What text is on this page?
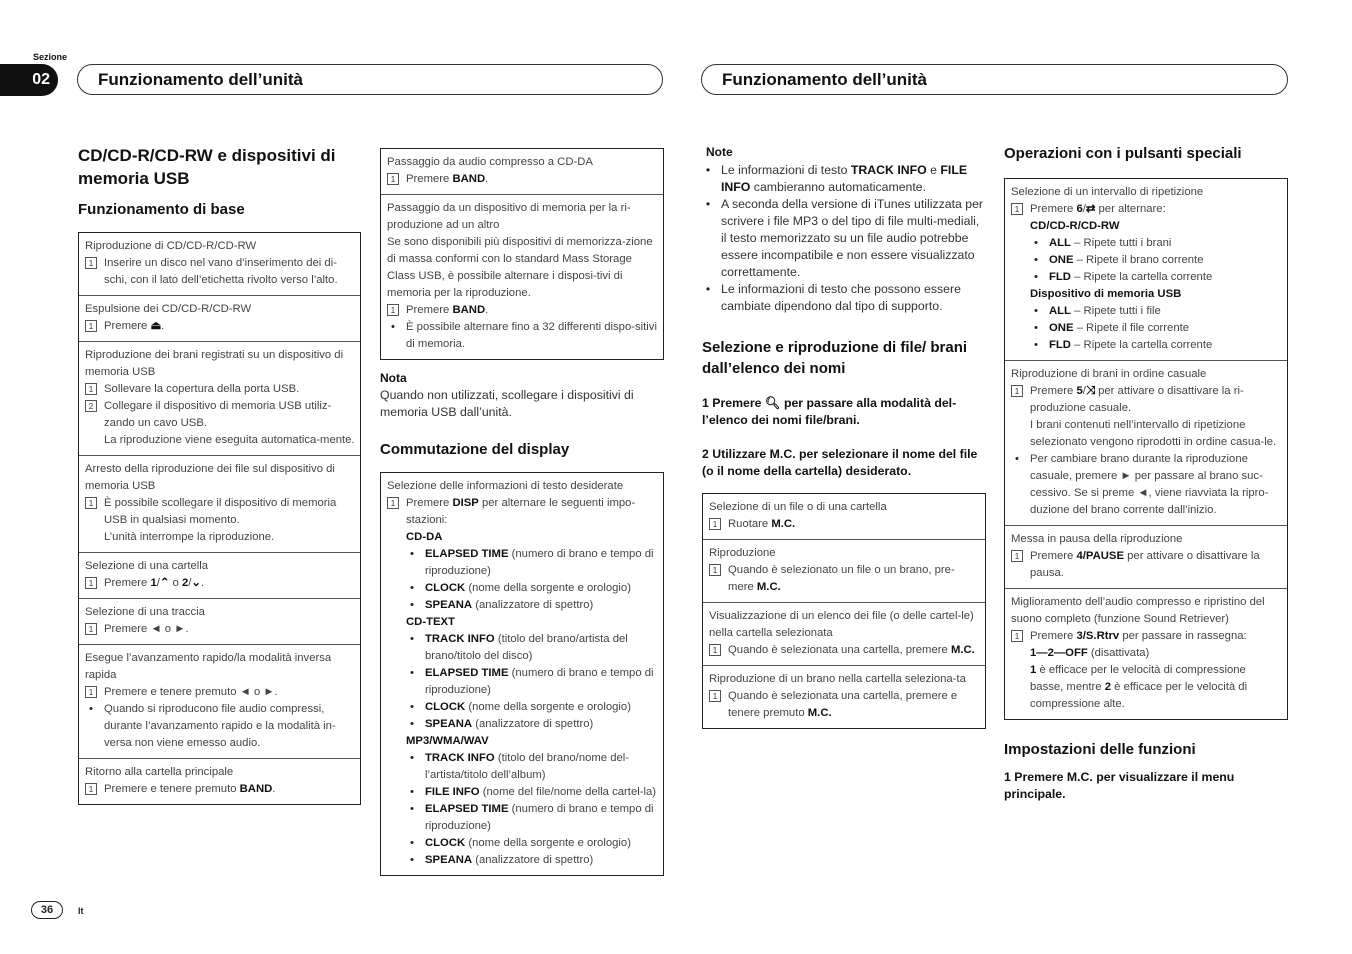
Sezione
02	Funzionamento dell’unità	Funzionamento dell’unità
CD/CD-R/CD-RW e dispositivi di memoria USB
Funzionamento di base
Riproduzione di CD/CD-R/CD-RW
1 Inserire un disco nel vano d’inserimento dei di-schi, con il lato dell’etichetta rivolto verso l’alto.
Espulsione dei CD/CD-R/CD-RW
1 Premere ⏏.
Riproduzione dei brani registrati su un dispositivo di memoria USB
1 Sollevare la copertura della porta USB.
2 Collegare il dispositivo di memoria USB utiliz-zando un cavo USB.
La riproduzione viene eseguita automatica-mente.
Arresto della riproduzione dei file sul dispositivo di memoria USB
1 È possibile scollegare il dispositivo di memoria USB in qualsiasi momento.
L’unità interrompe la riproduzione.
Selezione di una cartella
1 Premere 1/⌃ o 2/⌄.
Selezione di una traccia
1 Premere ◄ o ►.
Esegue l’avanzamento rapido/la modalità inversa rapida
1 Premere e tenere premuto ◄ o ►.
• Quando si riproducono file audio compressi, durante l’avanzamento rapido e la modalità in-versa non viene emesso audio.
Ritorno alla cartella principale
1 Premere e tenere premuto BAND.
Passaggio da audio compresso a CD-DA
1 Premere BAND.
Passaggio da un dispositivo di memoria per la ri-produzione ad un altro
Se sono disponibili più dispositivi di memorizza-zione di massa conformi con lo standard Mass Storage Class USB, è possibile alternare i disposi-tivi di memoria per la riproduzione.
1 Premere BAND.
• È possibile alternare fino a 32 differenti dispo-sitivi di memoria.
Nota
Quando non utilizzati, scollegare i dispositivi di memoria USB dall’unità.
Commutazione del display
Selezione delle informazioni di testo desiderate
1 Premere DISP per alternare le seguenti impo-stazioni:
CD-DA
• ELAPSED TIME (numero di brano e tempo di riproduzione)
• CLOCK (nome della sorgente e orologio)
• SPEANA (analizzatore di spettro)
CD-TEXT
• TRACK INFO (titolo del brano/artista del brano/titolo del disco)
• ELAPSED TIME (numero di brano e tempo di riproduzione)
• CLOCK (nome della sorgente e orologio)
• SPEANA (analizzatore di spettro)
MP3/WMA/WAV
• TRACK INFO (titolo del brano/nome del-l’artista/titolo dell’album)
• FILE INFO (nome del file/nome della cartel-la)
• ELAPSED TIME (numero di brano e tempo di riproduzione)
• CLOCK (nome della sorgente e orologio)
• SPEANA (analizzatore di spettro)
Note
• Le informazioni di testo TRACK INFO e FILE INFO cambieranno automaticamente.
• A seconda della versione di iTunes utilizzata per scrivere i file MP3 o del tipo di file multi-mediali, il testo memorizzato su un file audio potrebbe essere incompatibile e non essere visualizzato correttamente.
• Le informazioni di testo che possono essere cambiate dipendono dal tipo di supporto.
Selezione e riproduzione di file/ brani dall’elenco dei nomi
1 Premere 🔍︎ per passare alla modalità del-l’elenco dei nomi file/brani.
2 Utilizzare M.C. per selezionare il nome del file (o il nome della cartella) desiderato.
Selezione di un file o di una cartella
1 Ruotare M.C.
Riproduzione
1 Quando è selezionato un file o un brano, pre-mere M.C.
Visualizzazione di un elenco dei file (o delle cartel-le) nella cartella selezionata
1 Quando è selezionata una cartella, premere M.C.
Riproduzione di un brano nella cartella seleziona-ta
1 Quando è selezionata una cartella, premere e tenere premuto M.C.
Operazioni con i pulsanti speciali
Selezione di un intervallo di ripetizione
1 Premere 6/⇄ per alternare:
CD/CD-R/CD-RW
• ALL – Ripete tutti i brani
• ONE – Ripete il brano corrente
• FLD – Ripete la cartella corrente
Dispositivo di memoria USB
• ALL – Ripete tutti i file
• ONE – Ripete il file corrente
• FLD – Ripete la cartella corrente
Riproduzione di brani in ordine casuale
1 Premere 5/⤨ per attivare o disattivare la ri-produzione casuale.
I brani contenuti nell’intervallo di ripetizione selezionato vengono riprodotti in ordine casua-le.
• Per cambiare brano durante la riproduzione casuale, premere ► per passare al brano suc-cessivo. Se si preme ◄, viene riavviata la ripro-duzione del brano corrente dall’inizio.
Messa in pausa della riproduzione
1 Premere 4/PAUSE per attivare o disattivare la pausa.
Miglioramento dell’audio compresso e ripristino del suono completo (funzione Sound Retriever)
1 Premere 3/S.Rtrv per passare in rassegna:
1—2—OFF (disattivata)
1 è efficace per le velocità di compressione basse, mentre 2 è efficace per le velocità di compressione alte.
Impostazioni delle funzioni
1 Premere M.C. per visualizzare il menu principale.
36	It
